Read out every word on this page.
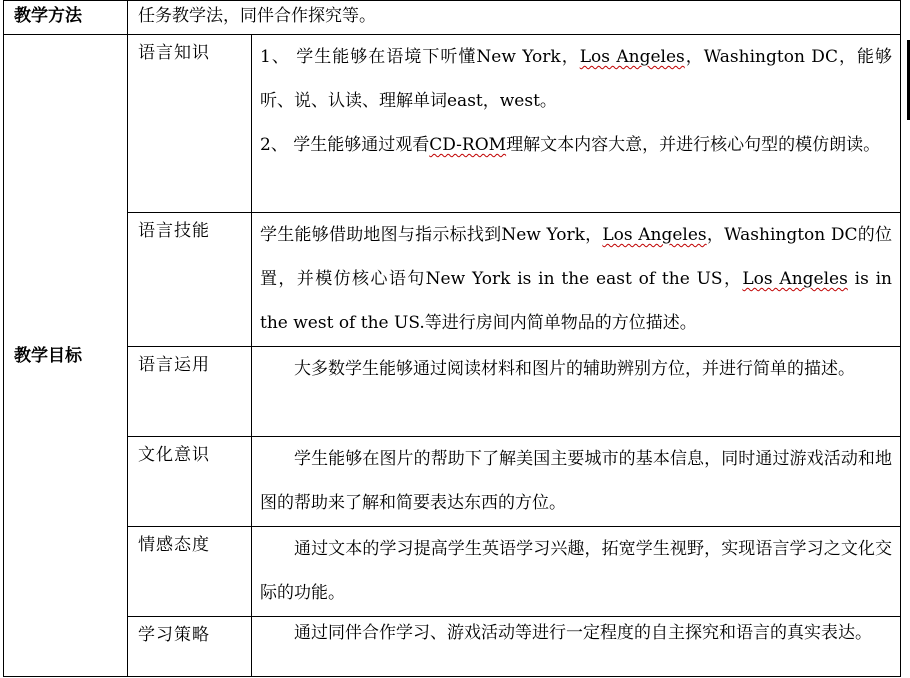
教学方法	任务教学法，同伴合作探究等。	
教学目标	语言知识	1、 学生能够在语境下听懂New York，Los Angeles，Washington DC，能够听、说、认读、理解单词east，west。

2、 学生能够通过观看CD-ROM理解文本内容大意，并进行核心句型的模仿朗读。

	语言技能	学生能够借助地图与指示标找到New York，Los Angeles，Washington DC的位置，并模仿核心语句New York is in the east of the US，Los Angeles is in the west of the US.等进行房间内简单物品的方位描述。
	语言运用	大多数学生能够通过阅读材料和图片的辅助辨别方位，并进行简单的描述。
	文化意识	学生能够在图片的帮助下了解美国主要城市的基本信息，同时通过游戏活动和地图的帮助来了解和简要表达东西的方位。
	情感态度	通过文本的学习提高学生英语学习兴趣，拓宽学生视野，实现语言学习之文化交际的功能。
	学习策略	通过同伴合作学习、游戏活动等进行一定程度的自主探究和语言的真实表达。
